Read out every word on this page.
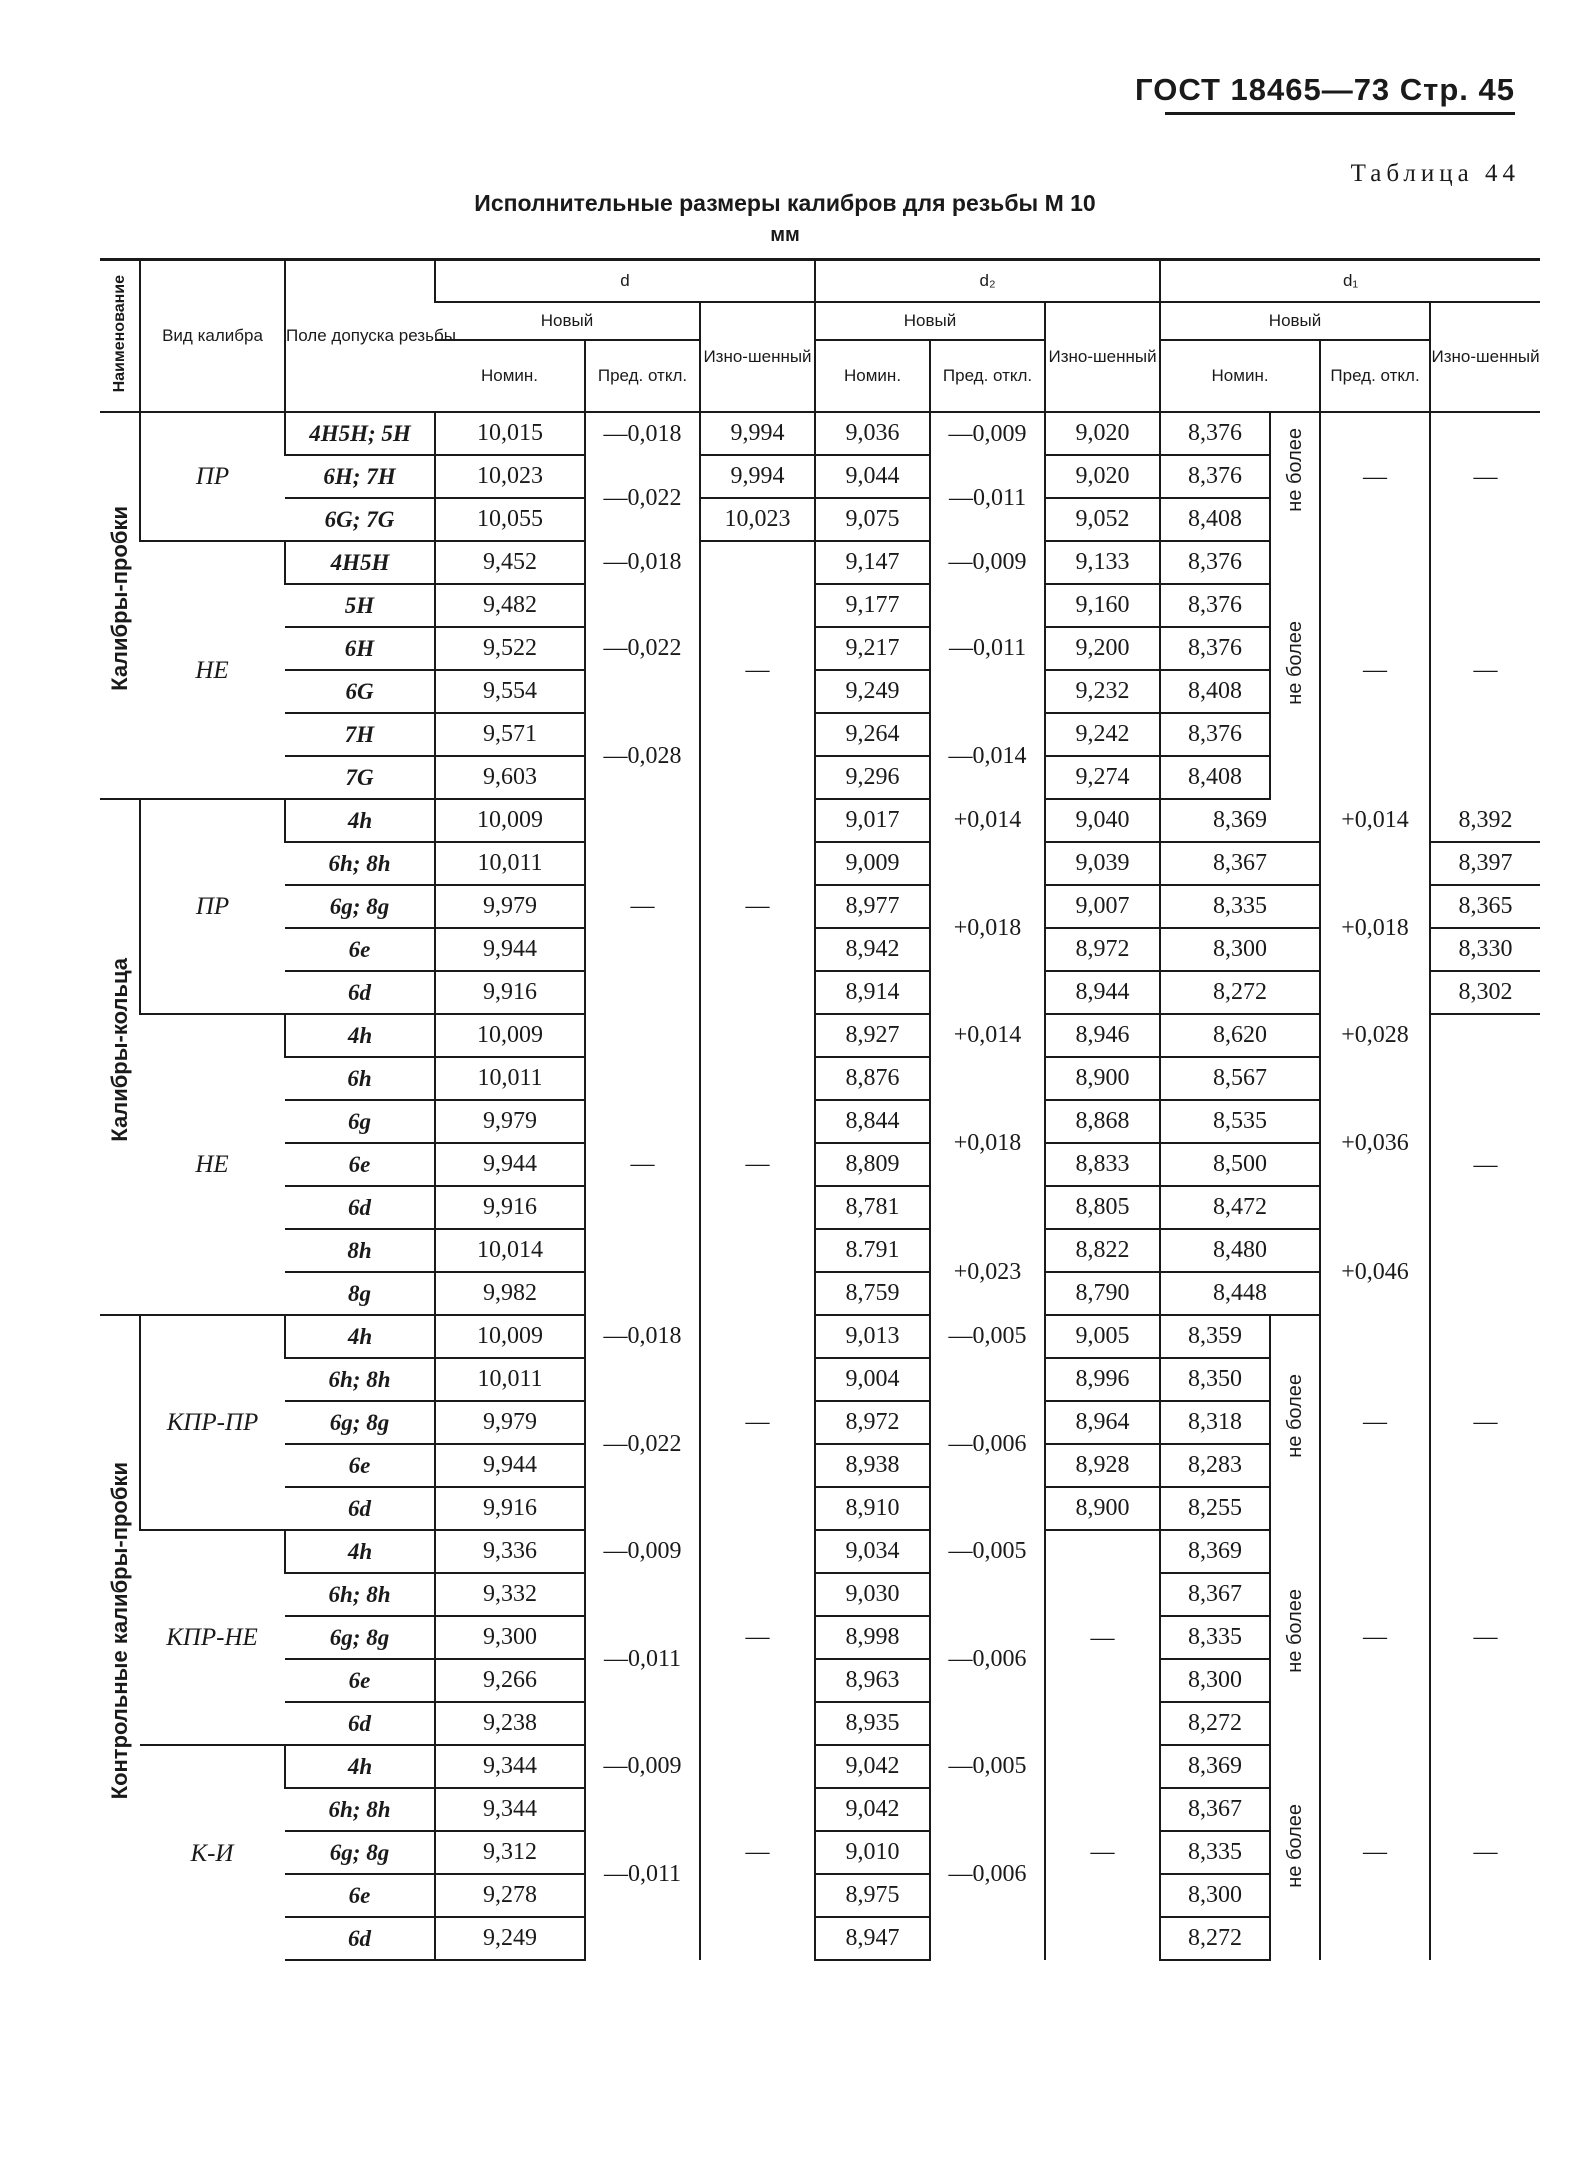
ГОСТ 18465—73 Стр. 45
Таблица 44
Исполнительные размеры калибров для резьбы М 10
мм
Наименование	Вид калибра	Поле допуска резьбы	d			d₂			d₁			
			Новый		Изно-шенный	Новый		Изно-шенный	Новый			Изно-шенный
			Номин.	Пред. откл.		Номин.	Пред. откл.		Номин.		Пред. откл.	
Калибры-пробки	ПР	4H5H; 5H	10,015	—0,018	9,994	9,036	—0,009	9,020	8,376	не более	—	—
		6H; 7H	10,023	—0,022	9,994	9,044	—0,011	9,020	8,376			
		6G; 7G	10,055		10,023	9,075		9,052	8,408			
	НЕ	4H5H	9,452	—0,018	—	9,147	—0,009	9,133	8,376	не более	—	—
		5H	9,482	—0,022		9,177	—0,011	9,160	8,376			
		6H	9,522			9,217		9,200	8,376			
		6G	9,554			9,249		9,232	8,408			
		7H	9,571	—0,028		9,264	—0,014	9,242	8,376			
		7G	9,603			9,296		9,274	8,408			
Калибры-кольца	ПР	4h	10,009	—	—	9,017	+0,014	9,040	8,369		+0,014	8,392
		6h; 8h	10,011			9,009	+0,018	9,039	8,367		+0,018	8,397
		6g; 8g	9,979			8,977		9,007	8,335			8,365
		6e	9,944			8,942		8,972	8,300			8,330
		6d	9,916			8,914		8,944	8,272			8,302
	НЕ	4h	10,009	—	—	8,927	+0,014	8,946	8,620		+0,028	—
		6h	10,011			8,876	+0,018	8,900	8,567		+0,036	
		6g	9,979			8,844		8,868	8,535			
		6e	9,944			8,809		8,833	8,500			
		6d	9,916			8,781		8,805	8,472			
		8h	10,014			8.791	+0,023	8,822	8,480		+0,046	
		8g	9,982			8,759		8,790	8,448			
Контрольные калибры-пробки	КПР-ПР	4h	10,009	—0,018	—	9,013	—0,005	9,005	8,359	не более	—	—
		6h; 8h	10,011	—0,022		9,004	—0,006	8,996	8,350			
		6g; 8g	9,979			8,972		8,964	8,318			
		6e	9,944			8,938		8,928	8,283			
		6d	9,916			8,910		8,900	8,255			
	КПР-НЕ	4h	9,336	—0,009	—	9,034	—0,005	—	8,369	не более	—	—
		6h; 8h	9,332	—0,011		9,030	—0,006		8,367			
		6g; 8g	9,300			8,998			8,335			
		6e	9,266			8,963			8,300			
		6d	9,238			8,935			8,272			
	К-И	4h	9,344	—0,009	—	9,042	—0,005	—	8,369	не более	—	—
		6h; 8h	9,344	—0,011		9,042	—0,006		8,367			
		6g; 8g	9,312			9,010			8,335			
		6e	9,278			8,975			8,300			
		6d	9,249			8,947			8,272			
